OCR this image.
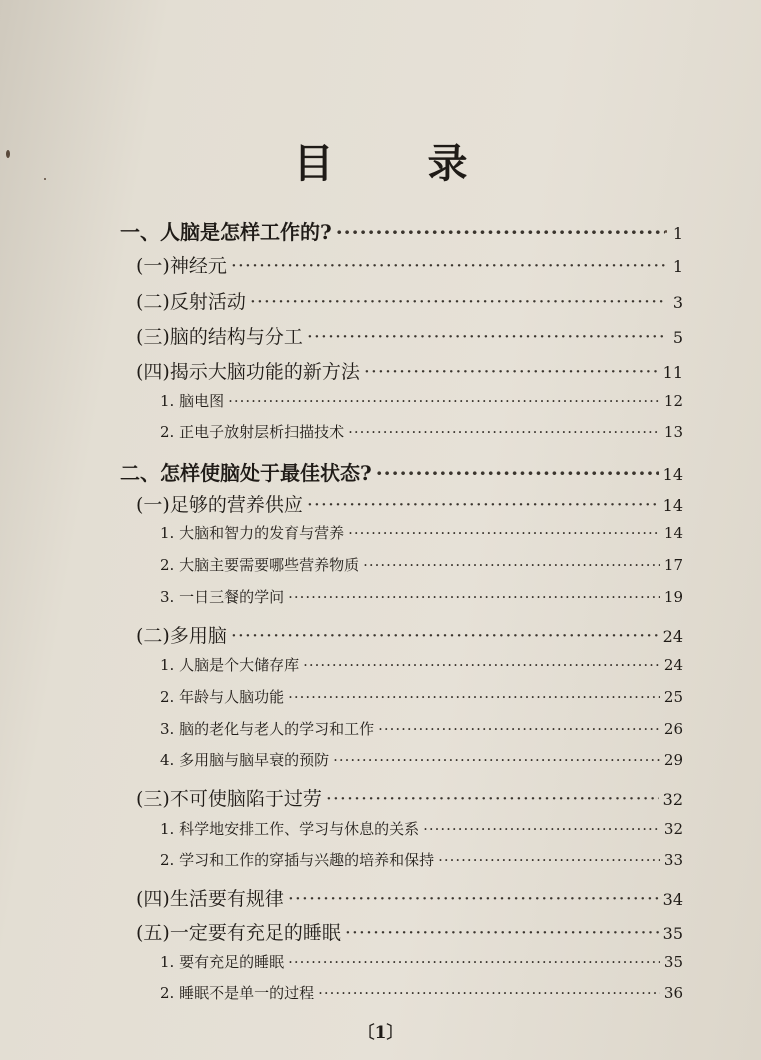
目 录
一、人脑是怎样工作的? ·····	1
(一)神经元 ·····	1
(二)反射活动 ·····	3
(三)脑的结构与分工 ·····	5
(四)揭示大脑功能的新方法 ·····	11
1. 脑电图 ·····	12
2. 正电子放射层析扫描技术 ·····	13
二、怎样使脑处于最佳状态? ·····	14
(一)足够的营养供应 ·····	14
1. 大脑和智力的发育与营养 ·····	14
2. 大脑主要需要哪些营养物质 ·····	17
3. 一日三餐的学问 ·····	19
(二)多用脑 ·····	24
1. 人脑是个大储存库 ·····	24
2. 年龄与人脑功能 ·····	25
3. 脑的老化与老人的学习和工作 ·····	26
4. 多用脑与脑早衰的预防 ·····	29
(三)不可使脑陷于过劳 ·····	32
1. 科学地安排工作、学习与休息的关系 ·····	32
2. 学习和工作的穿插与兴趣的培养和保持 ·····	33
(四)生活要有规律 ·····	34
(五)一定要有充足的睡眠 ·····	35
1. 要有充足的睡眠 ·····	35
2. 睡眠不是单一的过程 ·····	36
〔1〕
